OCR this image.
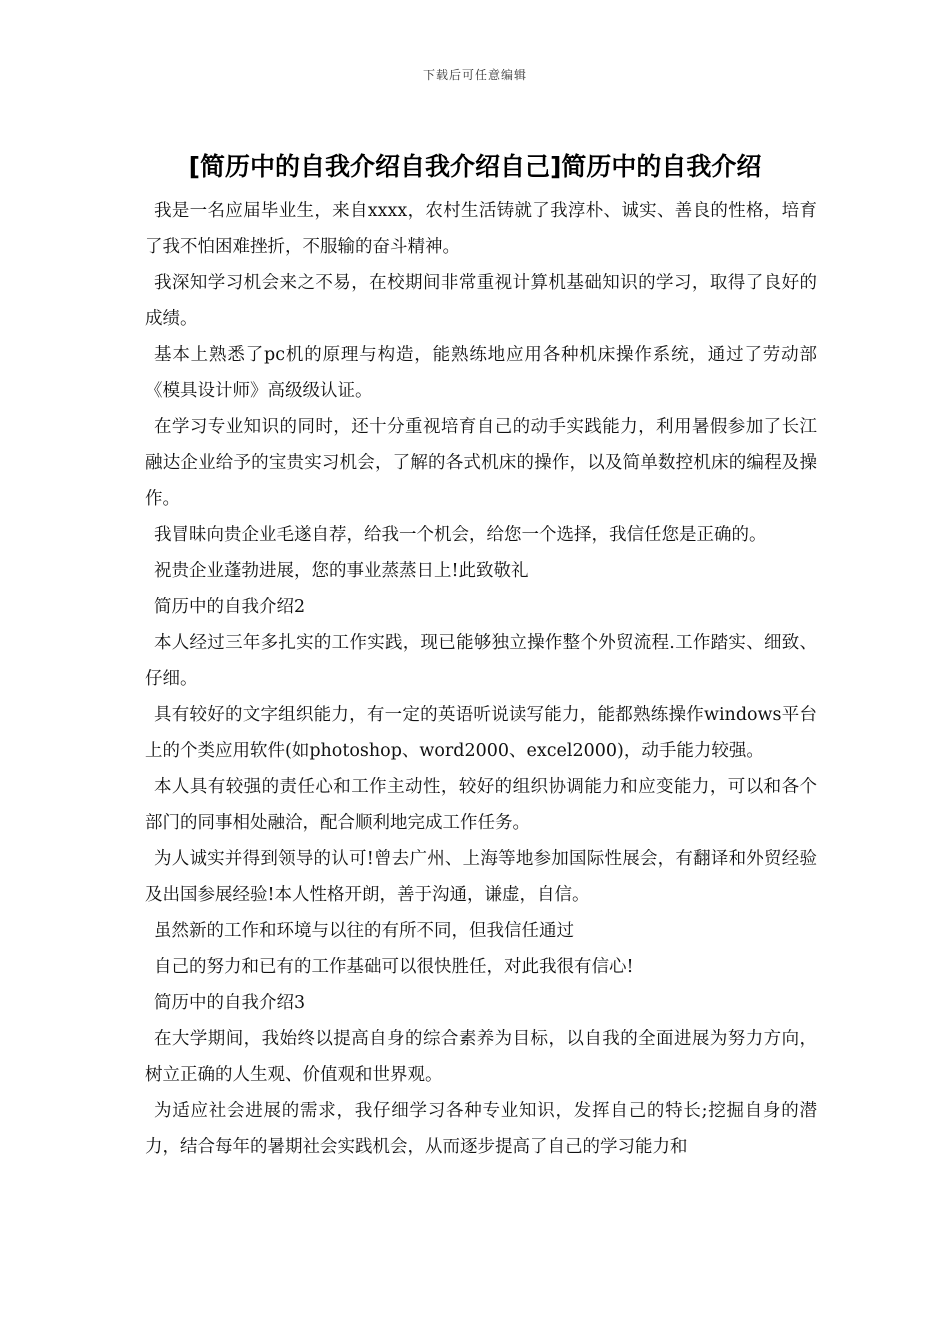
下载后可任意编辑
[简历中的自我介绍自我介绍自己]简历中的自我介绍

我是一名应届毕业生，来自xxxx，农村生活铸就了我淳朴、诚实、善良的性格，培育了我不怕困难挫折，不服输的奋斗精神。

我深知学习机会来之不易，在校期间非常重视计算机基础知识的学习，取得了良好的成绩。

基本上熟悉了pc机的原理与构造，能熟练地应用各种机床操作系统，通过了劳动部《模具设计师》高级级认证。

在学习专业知识的同时，还十分重视培育自己的动手实践能力，利用暑假参加了长江融达企业给予的宝贵实习机会，了解的各式机床的操作，以及简单数控机床的编程及操作。

我冒昧向贵企业毛遂自荐，给我一个机会，给您一个选择，我信任您是正确的。

祝贵企业蓬勃进展，您的事业蒸蒸日上!此致敬礼

简历中的自我介绍2

本人经过三年多扎实的工作实践，现已能够独立操作整个外贸流程.工作踏实、细致、仔细。

具有较好的文字组织能力，有一定的英语听说读写能力，能都熟练操作windows平台上的个类应用软件(如photoshop、word2000、excel2000)，动手能力较强。

本人具有较强的责任心和工作主动性，较好的组织协调能力和应变能力，可以和各个部门的同事相处融洽，配合顺利地完成工作任务。

为人诚实并得到领导的认可!曾去广州、上海等地参加国际性展会，有翻译和外贸经验及出国参展经验!本人性格开朗，善于沟通，谦虚，自信。

虽然新的工作和环境与以往的有所不同，但我信任通过

自己的努力和已有的工作基础可以很快胜任，对此我很有信心!

简历中的自我介绍3

在大学期间，我始终以提高自身的综合素养为目标，以自我的全面进展为努力方向，树立正确的人生观、价值观和世界观。

为适应社会进展的需求，我仔细学习各种专业知识，发挥自己的特长;挖掘自身的潜力，结合每年的暑期社会实践机会，从而逐步提高了自己的学习能力和
